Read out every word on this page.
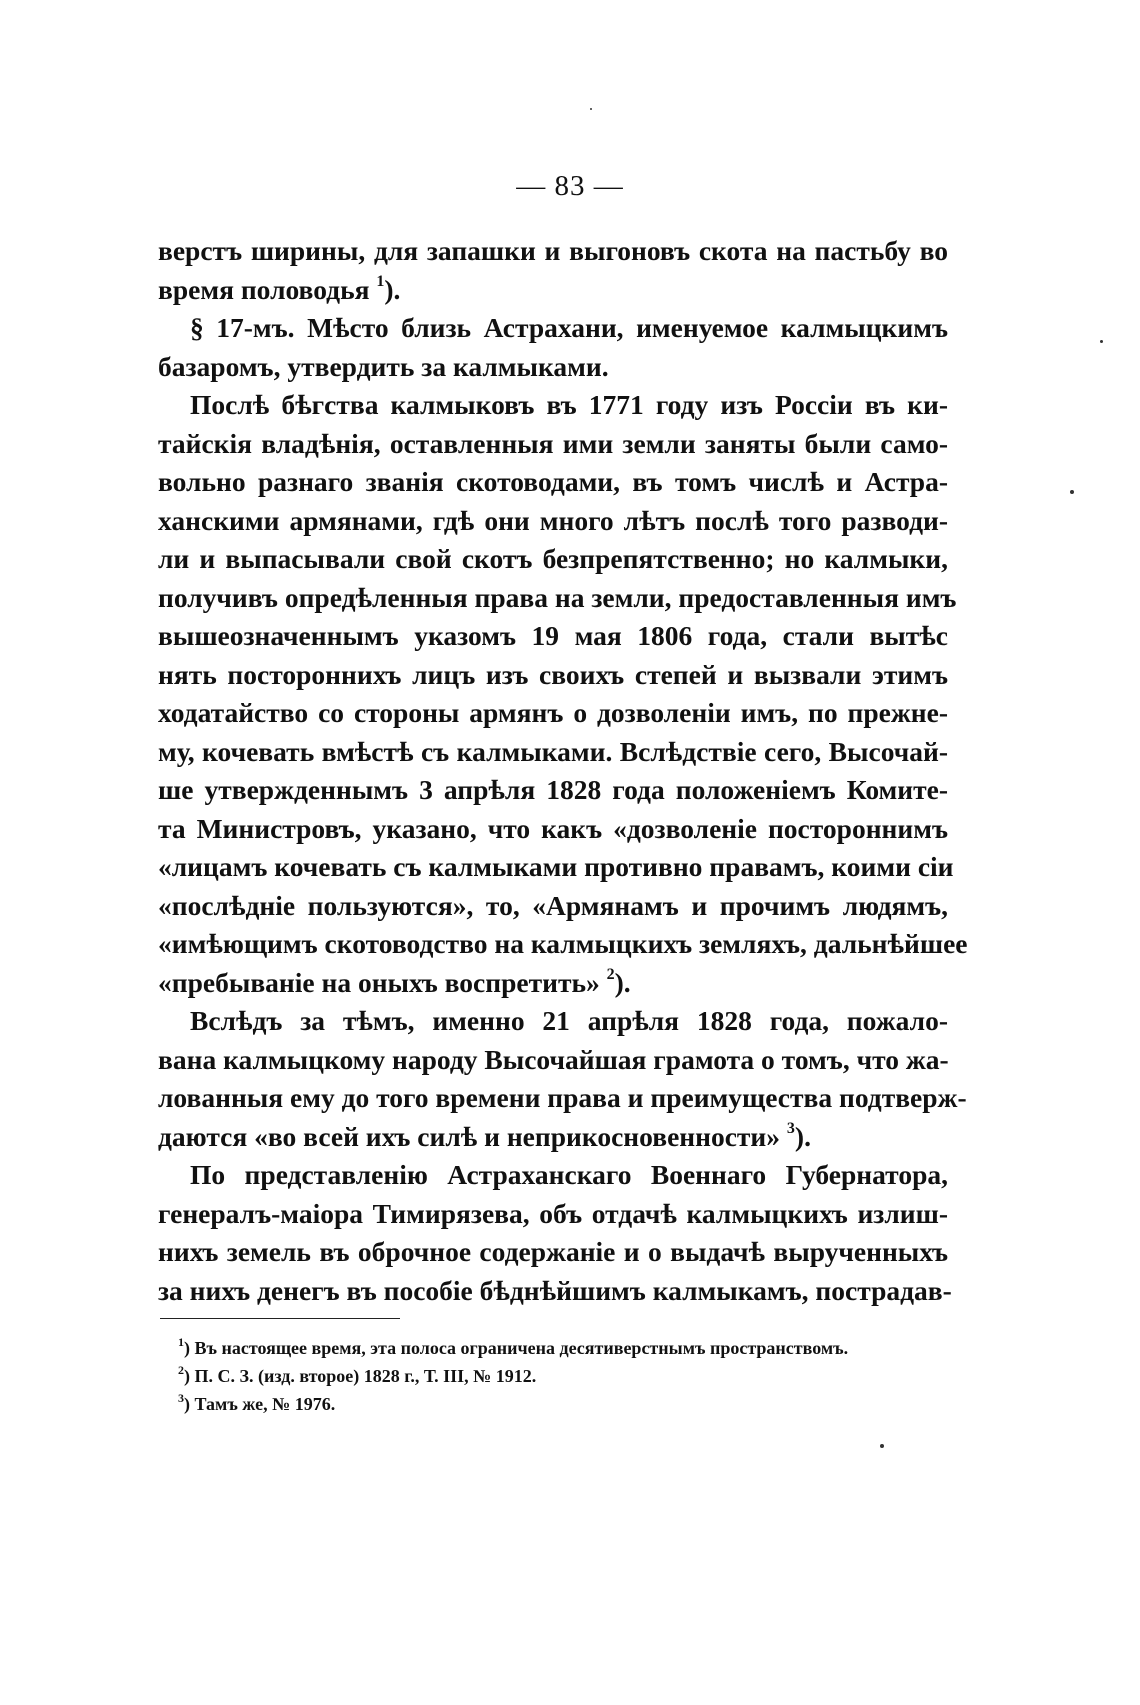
— 83 —
верстъ ширины, для запашки и выгоновъ скота на пастьбу во
время половодья $^1$).
§ 17-мъ. Мѣсто близь Астрахани, именуемое калмыцкимъ
базаромъ, утвердить за калмыками.
Послѣ бѣгства калмыковъ въ 1771 году изъ Россіи въ ки-
тайскія владѣнія, оставленныя ими земли заняты были само-
вольно разнаго званія скотоводами, въ томъ числѣ и Астра-
ханскими армянами, гдѣ они много лѣтъ послѣ того разводи-
ли и выпасывали свой скотъ безпрепятственно; но калмыки,
получивъ опредѣленныя права на земли, предоставленныя имъ
вышеозначеннымъ указомъ 19 мая 1806 года, стали вытѣс
нять постороннихъ лицъ изъ своихъ степей и вызвали этимъ
ходатайство со стороны армянъ о дозволеніи имъ, по прежне-
му, кочевать вмѣстѣ съ калмыками. Вслѣдствіе сего, Высочай-
ше утвержденнымъ 3 апрѣля 1828 года положеніемъ Комите-
та Министровъ, указано, что какъ «дозволеніе постороннимъ
«лицамъ кочевать съ калмыками противно правамъ, коими сіи
«послѣдніе пользуются», то, «Армянамъ и прочимъ людямъ,
«имѣющимъ скотоводство на калмыцкихъ земляхъ, дальнѣйшее
«пребываніе на оныхъ воспретить» $^2$).
Вслѣдъ за тѣмъ, именно 21 апрѣля 1828 года, пожало-
вана калмыцкому народу Высочайшая грамота о томъ, что жа-
лованныя ему до того времени права и преимущества подтверж-
даются «во всей ихъ силѣ и неприкосновенности» $^3$).
По представленію Астраханскаго Военнаго Губернатора,
генералъ-маіора Тимирязева, объ отдачѣ калмыцкихъ излиш-
нихъ земель въ оброчное содержаніе и о выдачѣ вырученныхъ
за нихъ денегъ въ пособіе бѣднѣйшимъ калмыкамъ, пострадав-
$^1$) Въ настоящее время, эта полоса ограничена десятиверстнымъ пространствомъ.
$^2$) П. С. З. (изд. второе) 1828 г., Т. III, № 1912.
$^3$) Тамъ же, № 1976.
